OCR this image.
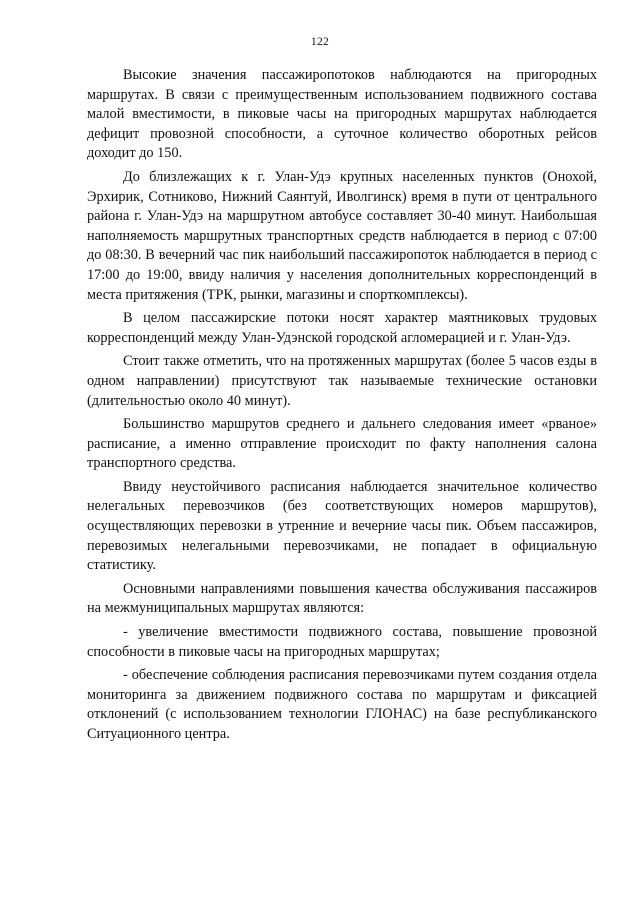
122

Высокие значения пассажиропотоков наблюдаются на пригородных маршрутах. В связи с преимущественным использованием подвижного состава малой вместимости, в пиковые часы на пригородных маршрутах наблюдается дефицит провозной способности, а суточное количество оборотных рейсов доходит до 150.

До близлежащих к г. Улан-Удэ крупных населенных пунктов (Онохой, Эрхирик, Сотниково, Нижний Саянтуй, Иволгинск) время в пути от центрального района г. Улан-Удэ на маршрутном автобусе составляет 30-40 минут. Наибольшая наполняемость маршрутных транспортных средств наблюдается в период с 07:00 до 08:30. В вечерний час пик наибольший пассажиропоток наблюдается в период с 17:00 до 19:00, ввиду наличия у населения дополнительных корреспонденций в места притяжения (ТРК, рынки, магазины и спорткомплексы).

В целом пассажирские потоки носят характер маятниковых трудовых корреспонденций между Улан-Удэнской городской агломерацией и г. Улан-Удэ.

Стоит также отметить, что на протяженных маршрутах (более 5 часов езды в одном направлении) присутствуют так называемые технические остановки (длительностью около 40 минут).

Большинство маршрутов среднего и дальнего следования имеет «рваное» расписание, а именно отправление происходит по факту наполнения салона транспортного средства.

Ввиду неустойчивого расписания наблюдается значительное количество нелегальных перевозчиков (без соответствующих номеров маршрутов), осуществляющих перевозки в утренние и вечерние часы пик. Объем пассажиров, перевозимых нелегальными перевозчиками, не попадает в официальную статистику.

Основными направлениями повышения качества обслуживания пассажиров на межмуниципальных маршрутах являются:

- увеличение вместимости подвижного состава, повышение провозной способности в пиковые часы на пригородных маршрутах;

- обеспечение соблюдения расписания перевозчиками путем создания отдела мониторинга за движением подвижного состава по маршрутам и фиксацией отклонений (с использованием технологии ГЛОНАС) на базе республиканского Ситуационного центра.
